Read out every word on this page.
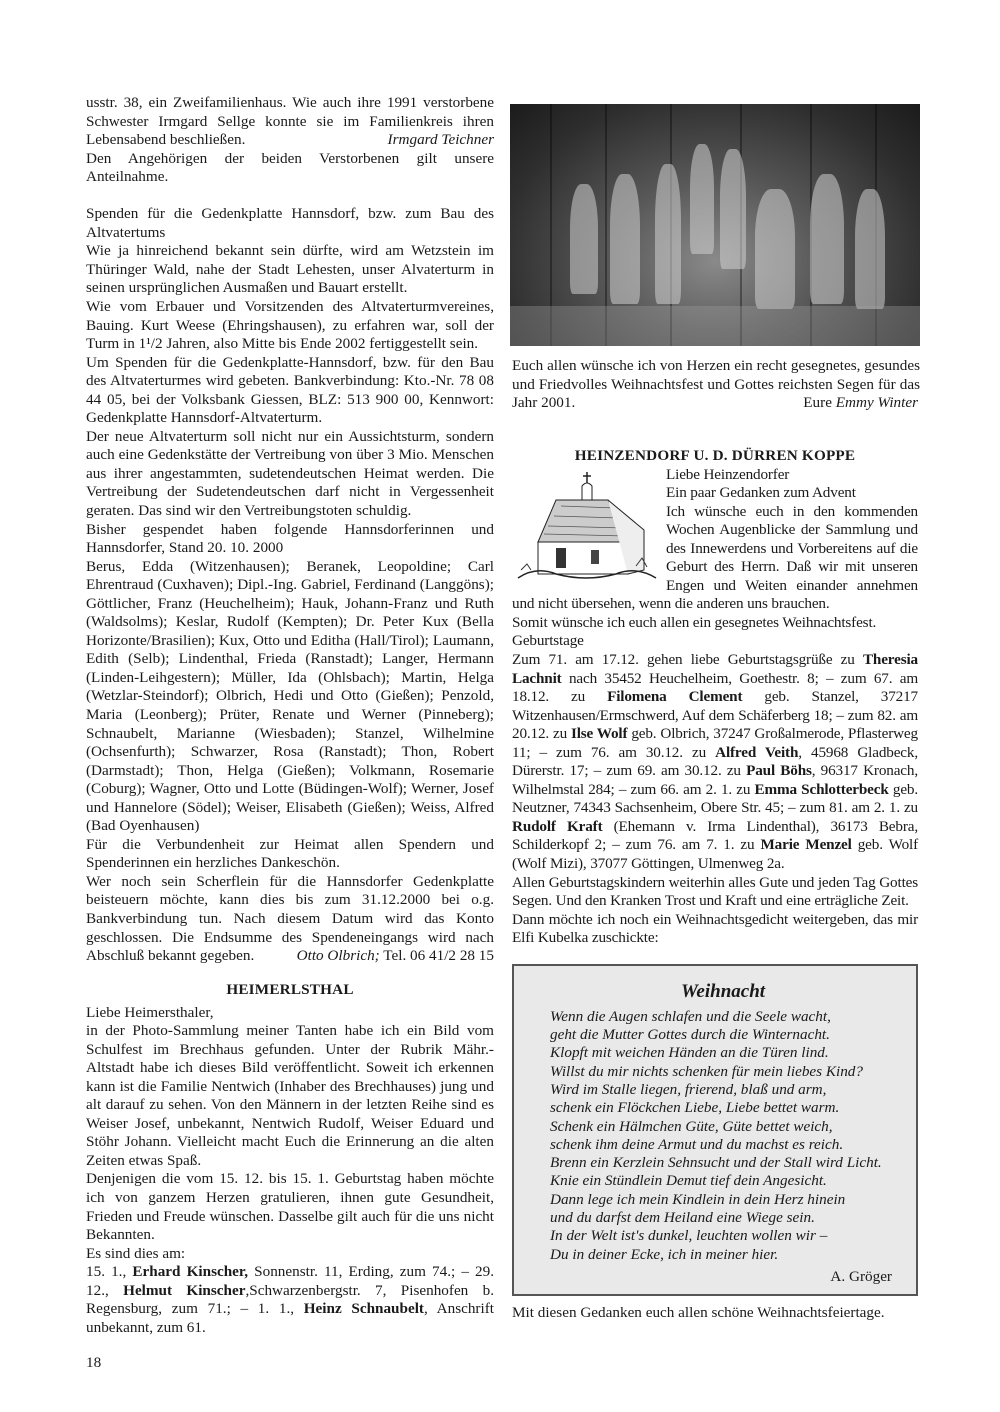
usstr. 38, ein Zweifamilienhaus. Wie auch ihre 1991 verstorbene Schwester Irmgard Sellge konnte sie im Familienkreis ihren Lebensabend beschließen.	Irmgard Teichner

Den Angehörigen der beiden Verstorbenen gilt unsere Anteilnahme.

Spenden für die Gedenkplatte Hannsdorf, bzw. zum Bau des Altvatertums

Wie ja hinreichend bekannt sein dürfte, wird am Wetzstein im Thüringer Wald, nahe der Stadt Lehesten, unser Alvaterturm in seinen ursprünglichen Ausmaßen und Bauart erstellt.

Wie vom Erbauer und Vorsitzenden des Altvaterturmvereines, Bauing. Kurt Weese (Ehringshausen), zu erfahren war, soll der Turm in 1¹/2 Jahren, also Mitte bis Ende 2002 fertiggestellt sein.

Um Spenden für die Gedenkplatte-Hannsdorf, bzw. für den Bau des Altvaterturmes wird gebeten. Bankverbindung: Kto.-Nr. 78 08 44 05, bei der Volksbank Giessen, BLZ: 513 900 00, Kennwort: Gedenkplatte Hannsdorf-Altvaterturm.

Der neue Altvaterturm soll nicht nur ein Aussichtsturm, sondern auch eine Gedenkstätte der Vertreibung von über 3 Mio. Menschen aus ihrer angestammten, sudetendeutschen Heimat werden. Die Vertreibung der Sudetendeutschen darf nicht in Vergessenheit geraten. Das sind wir den Vertreibungstoten schuldig.

Bisher gespendet haben folgende Hannsdorferinnen und Hannsdorfer, Stand 20. 10. 2000

Berus, Edda (Witzenhausen); Beranek, Leopoldine; Carl Ehrentraud (Cuxhaven); Dipl.-Ing. Gabriel, Ferdinand (Langgöns); Göttlicher, Franz (Heuchelheim); Hauk, Johann-Franz und Ruth (Waldsolms); Keslar, Rudolf (Kempten); Dr. Peter Kux (Bella Horizonte/Brasilien); Kux, Otto und Editha (Hall/Tirol); Laumann, Edith (Selb); Lindenthal, Frieda (Ranstadt); Langer, Hermann (Linden-Leihgestern); Müller, Ida (Ohlsbach); Martin, Helga (Wetzlar-Steindorf); Olbrich, Hedi und Otto (Gießen); Penzold, Maria (Leonberg); Prüter, Renate und Werner (Pinneberg); Schnaubelt, Marianne (Wiesbaden); Stanzel, Wilhelmine (Ochsenfurth); Schwarzer, Rosa (Ranstadt); Thon, Robert (Darmstadt); Thon, Helga (Gießen); Volkmann, Rosemarie (Coburg); Wagner, Otto und Lotte (Büdingen-Wolf); Werner, Josef und Hannelore (Södel); Weiser, Elisabeth (Gießen); Weiss, Alfred (Bad Oyenhausen)

Für die Verbundenheit zur Heimat allen Spendern und Spenderinnen ein herzliches Dankeschön.

Wer noch sein Scherflein für die Hannsdorfer Gedenkplatte beisteuern möchte, kann dies bis zum 31.12.2000 bei o.g. Bankverbindung tun. Nach diesem Datum wird das Konto geschlossen. Die Endsumme des Spendeneingangs wird nach Abschluß bekannt gegeben.	Otto Olbrich; Tel. 06 41/2 28 15

HEIMERLSTHAL

Liebe Heimersthaler,

in der Photo-Sammlung meiner Tanten habe ich ein Bild vom Schulfest im Brechhaus gefunden. Unter der Rubrik Mähr.-Altstadt habe ich dieses Bild veröffentlicht. Soweit ich erkennen kann ist die Familie Nentwich (Inhaber des Brechhauses) jung und alt darauf zu sehen. Von den Männern in der letzten Reihe sind es Weiser Josef, unbekannt, Nentwich Rudolf, Weiser Eduard und Stöhr Johann. Vielleicht macht Euch die Erinnerung an die alten Zeiten etwas Spaß.

Denjenigen die vom 15. 12. bis 15. 1. Geburtstag haben möchte ich von ganzem Herzen gratulieren, ihnen gute Gesundheit, Frieden und Freude wünschen. Dasselbe gilt auch für die uns nicht Bekannten.

Es sind dies am:

15. 1., Erhard Kinscher, Sonnenstr. 11, Erding, zum 74.; – 29. 12., Helmut Kinscher,Schwarzenbergstr. 7, Pisenhofen b. Regensburg, zum 71.; – 1. 1., Heinz Schnaubelt, Anschrift unbekannt, zum 61.

Euch allen wünsche ich von Herzen ein recht gesegnetes, gesundes und Friedvolles Weihnachtsfest und Gottes reichsten Segen für das Jahr 2001.	Eure Emmy Winter

HEINZENDORF U. D. DÜRREN KOPPE

Liebe Heinzendorfer

Ein paar Gedanken zum Advent

Ich wünsche euch in den kommenden Wochen Augenblicke der Sammlung und des Innewerdens und Vorbereitens auf die Geburt des Herrn. Daß wir mit unseren Engen und Weiten einander annehmen und nicht übersehen, wenn die anderen uns brauchen.

Somit wünsche ich euch allen ein gesegnetes Weihnachtsfest.

Geburtstage

Zum 71. am 17.12. gehen liebe Geburtstagsgrüße zu Theresia Lachnit nach 35452 Heuchelheim, Goethestr. 8; – zum 67. am 18.12. zu Filomena Clement geb. Stanzel, 37217 Witzenhausen/Ermschwerd, Auf dem Schäferberg 18; – zum 82. am 20.12. zu Ilse Wolf geb. Olbrich, 37247 Großalmerode, Pflasterweg 11; – zum 76. am 30.12. zu Alfred Veith, 45968 Gladbeck, Dürerstr. 17; – zum 69. am 30.12. zu Paul Böhs, 96317 Kronach, Wilhelmstal 284; – zum 66. am 2. 1. zu Emma Schlotterbeck geb. Neutzner, 74343 Sachsenheim, Obere Str. 45; – zum 81. am 2. 1. zu Rudolf Kraft (Ehemann v. Irma Lindenthal), 36173 Bebra, Schilderkopf 2; – zum 76. am 7. 1. zu Marie Menzel geb. Wolf (Wolf Mizi), 37077 Göttingen, Ulmenweg 2a.

Allen Geburtstagskindern weiterhin alles Gute und jeden Tag Gottes Segen. Und den Kranken Trost und Kraft und eine erträgliche Zeit.

Dann möchte ich noch ein Weihnachtsgedicht weitergeben, das mir Elfi Kubelka zuschickte:

Weihnacht
Wenn die Augen schlafen und die Seele wacht,
geht die Mutter Gottes durch die Winternacht.
Klopft mit weichen Händen an die Türen lind.
Willst du mir nichts schenken für mein liebes Kind?
Wird im Stalle liegen, frierend, blaß und arm,
schenk ein Flöckchen Liebe, Liebe bettet warm.
Schenk ein Hälmchen Güte, Güte bettet weich,
schenk ihm deine Armut und du machst es reich.
Brenn ein Kerzlein Sehnsucht und der Stall wird Licht.
Knie ein Stündlein Demut tief dein Angesicht.
Dann lege ich mein Kindlein in dein Herz hinein
und du darfst dem Heiland eine Wiege sein.
In der Welt ist's dunkel, leuchten wollen wir –
Du in deiner Ecke, ich in meiner hier.
A. Gröger

Mit diesen Gedanken euch allen schöne Weihnachtsfeiertage.

18
